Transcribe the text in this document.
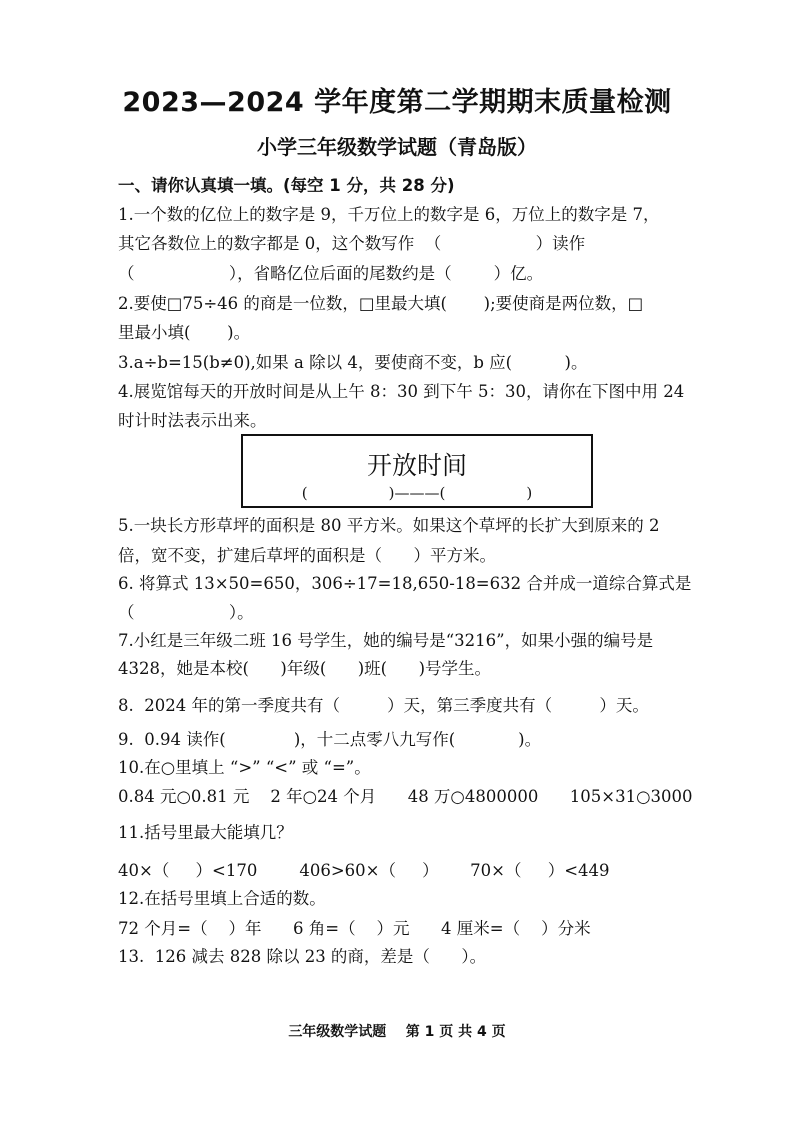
2023—2024 学年度第二学期期末质量检测
小学三年级数学试题（青岛版）
一、请你认真填一填。(每空 1 分，共 28 分)
1.一个数的亿位上的数字是 9，千万位上的数字是 6，万位上的数字是 7，
其它各数位上的数字都是 0，这个数写作  （                  ）读作
（                  ），省略亿位后面的尾数约是（        ）亿。
2.要使□75÷46 的商是一位数，□里最大填(       );要使商是两位数，□
里最小填(       )。
3.a÷b=15(b≠0),如果 a 除以 4，要使商不变，b 应(          )。
4.展览馆每天的开放时间是从上午 8：30 到下午 5：30，请你在下图中用 24
时计时法表示出来。
开放时间
(                 )———(                 )
5.一块长方形草坪的面积是 80 平方米。如果这个草坪的长扩大到原来的 2
倍，宽不变，扩建后草坪的面积是（      ）平方米。
6. 将算式 13×50=650，306÷17=18,650-18=632 合并成一道综合算式是
（                  ）。
7.小红是三年级二班 16 号学生，她的编号是“3216”，如果小强的编号是
4328，她是本校(      )年级(      )班(      )号学生。
8.  2024 年的第一季度共有（         ）天，第三季度共有（         ）天。
9.  0.94 读作(             )，十二点零八九写作(            )。
10.在○里填上 “>” “<” 或 “=”。
0.84 元○0.81 元    2 年○24 个月      48 万○4800000      105×31○3000
11.括号里最大能填几？
40×（     ）<170        406>60×（     ）      70×（     ）<449
12.在括号里填上合适的数。
72 个月=（    ）年      6 角=（    ）元      4 厘米=（    ）分米
13.  126 减去 828 除以 23 的商，差是（      ）。
三年级数学试题    第 1 页 共 4 页
